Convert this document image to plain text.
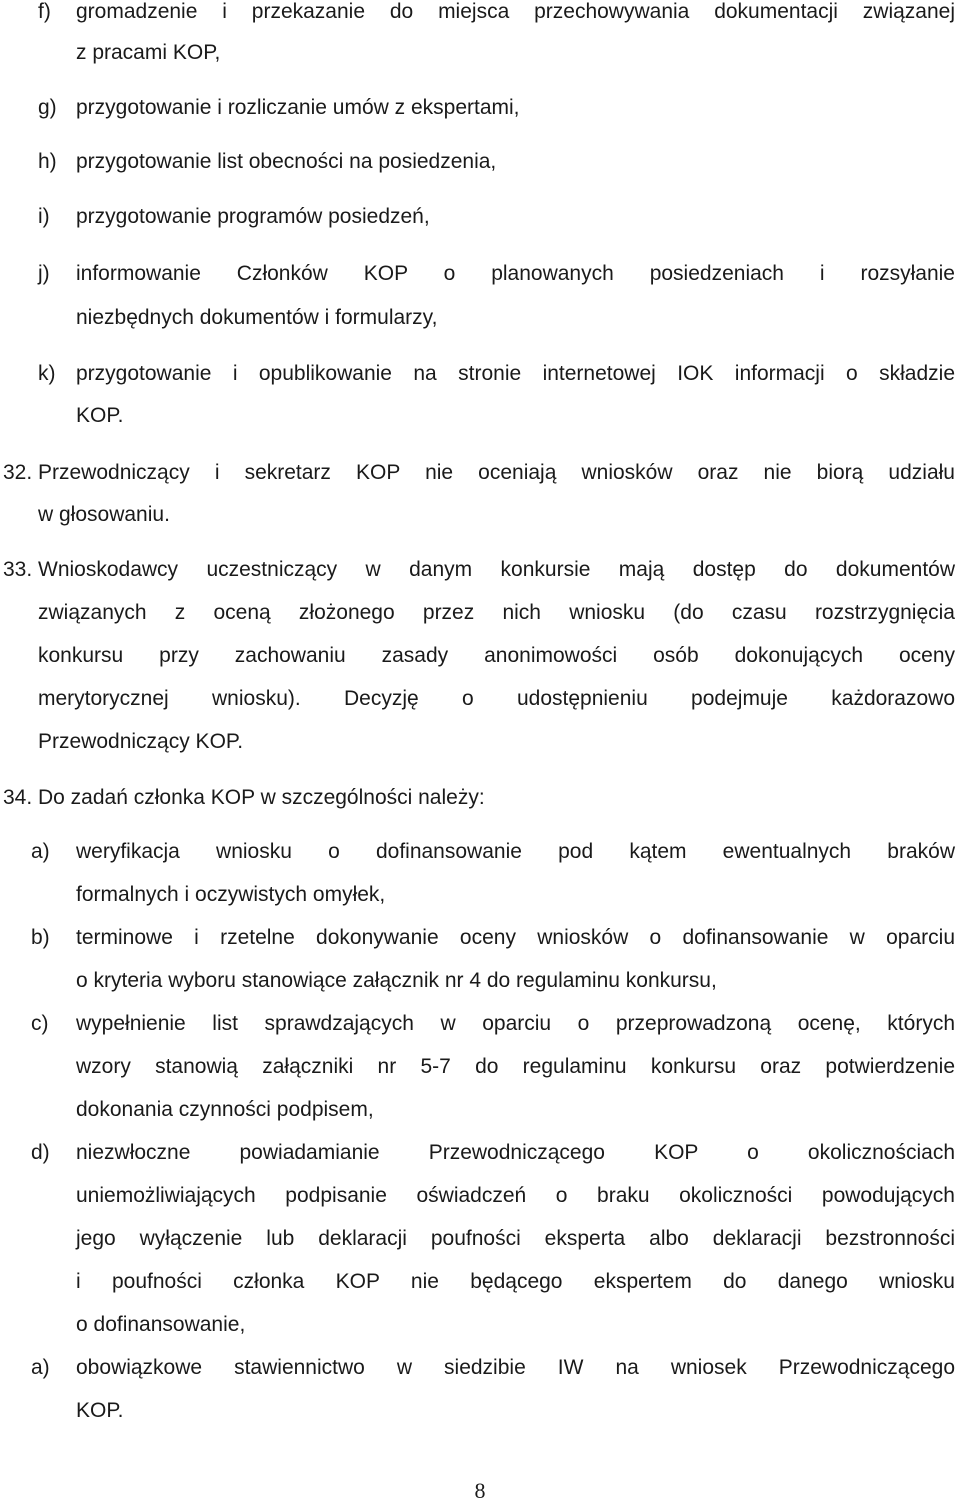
f) gromadzenie i przekazanie do miejsca przechowywania dokumentacji związanej
z pracami KOP,
g) przygotowanie i rozliczanie umów z ekspertami,
h) przygotowanie list obecności na posiedzenia,
i) przygotowanie programów posiedzeń,
j) informowanie Członków KOP o planowanych posiedzeniach i rozsyłanie
niezbędnych dokumentów i formularzy,
k) przygotowanie i opublikowanie na stronie internetowej IOK informacji o składzie
KOP.
32. Przewodniczący i sekretarz KOP nie oceniają wniosków oraz nie biorą udziału
w głosowaniu.
33. Wnioskodawcy uczestniczący w danym konkursie mają dostęp do dokumentów
związanych z oceną złożonego przez nich wniosku (do czasu rozstrzygnięcia
konkursu przy zachowaniu zasady anonimowości osób dokonujących oceny
merytorycznej wniosku). Decyzję o udostępnieniu podejmuje każdorazowo
Przewodniczący KOP.
34. Do zadań członka KOP w szczególności należy:
a) weryfikacja wniosku o dofinansowanie pod kątem ewentualnych braków
formalnych i oczywistych omyłek,
b) terminowe i rzetelne dokonywanie oceny wniosków o dofinansowanie w oparciu
o kryteria wyboru stanowiące załącznik nr 4 do regulaminu konkursu,
c) wypełnienie list sprawdzających w oparciu o przeprowadzoną ocenę, których
wzory stanowią załączniki nr 5-7 do regulaminu konkursu oraz potwierdzenie
dokonania czynności podpisem,
d) niezwłoczne powiadamianie Przewodniczącego KOP o okolicznościach
uniemożliwiających podpisanie oświadczeń o braku okoliczności powodujących
jego wyłączenie lub deklaracji poufności eksperta albo deklaracji bezstronności
i poufności członka KOP nie będącego ekspertem do danego wniosku
o dofinansowanie,
a) obowiązkowe stawiennictwo w siedzibie IW na wniosek Przewodniczącego
KOP.
8
